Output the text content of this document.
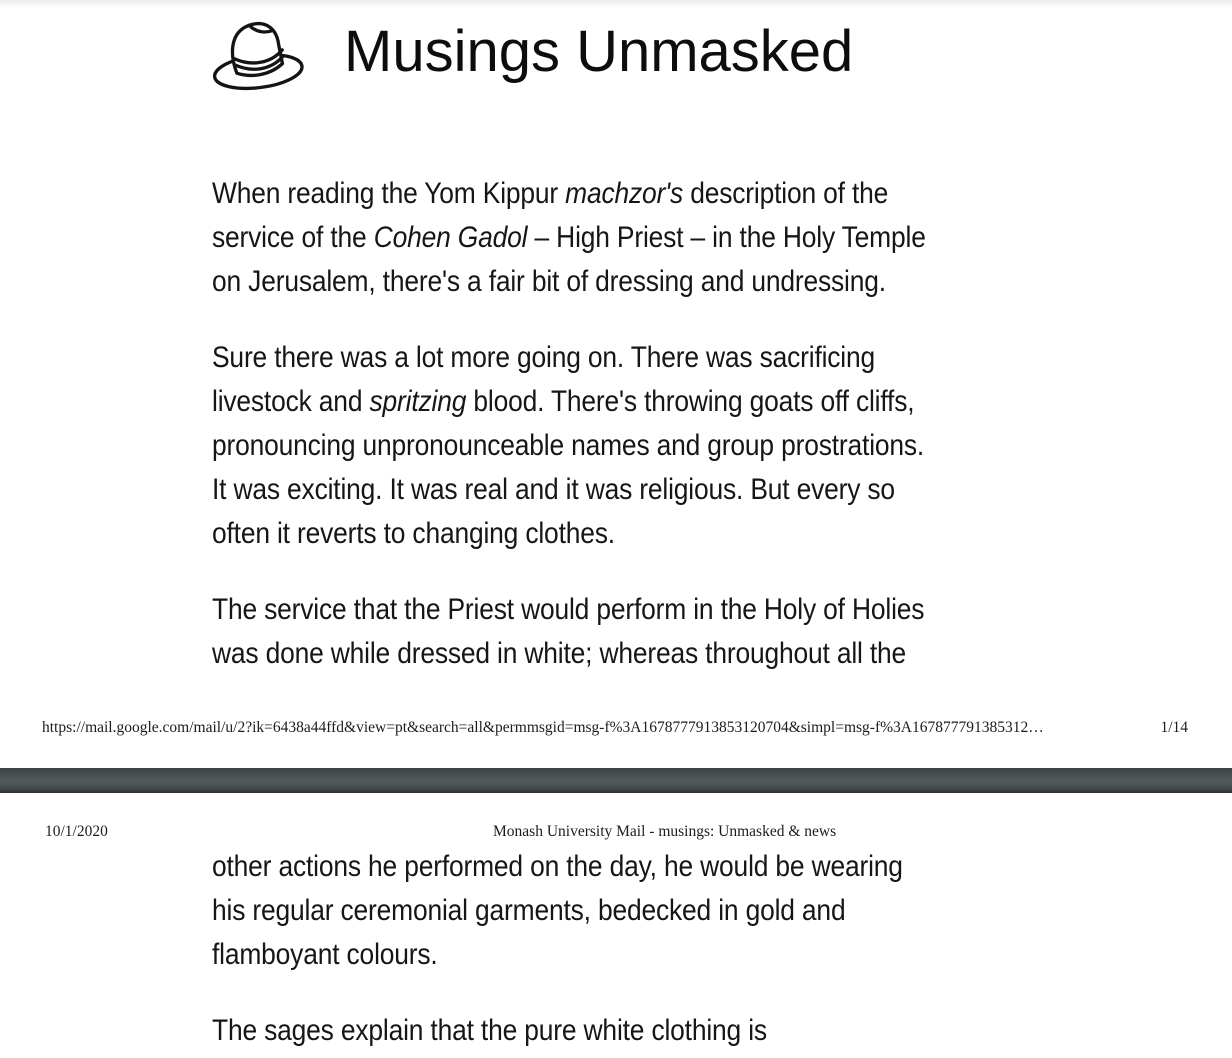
Musings Unmasked
When reading the Yom Kippur machzor's description of the
service of the Cohen Gadol – High Priest – in the Holy Temple
on Jerusalem, there's a fair bit of dressing and undressing.
Sure there was a lot more going on. There was sacrificing
livestock and spritzing blood. There's throwing goats off cliffs,
pronouncing unpronounceable names and group prostrations.
It was exciting. It was real and it was religious. But every so
often it reverts to changing clothes.
The service that the Priest would perform in the Holy of Holies
was done while dressed in white; whereas throughout all the
https://mail.google.com/mail/u/2?ik=6438a44ffd&view=pt&search=all&permmsgid=msg-f%3A1678777913853120704&simpl=msg-f%3A167877791385312…	1/14
10/1/2020	Monash University Mail - musings: Unmasked & news
other actions he performed on the day, he would be wearing
his regular ceremonial garments, bedecked in gold and
flamboyant colours.
The sages explain that the pure white clothing is
